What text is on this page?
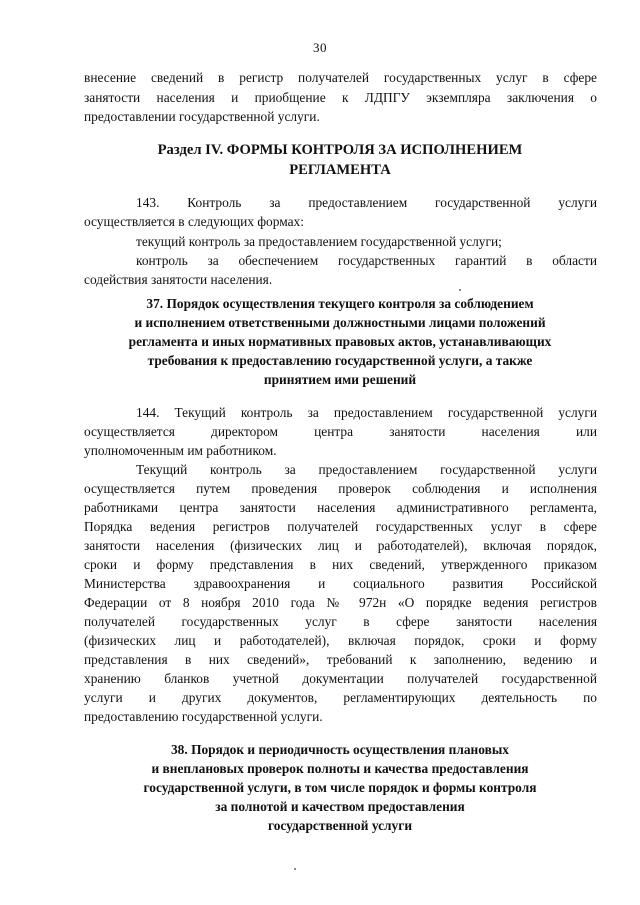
30
внесение сведений в регистр получателей государственных услуг в сфере
занятости населения и приобщение к ЛДПГУ экземпляра заключения о
предоставлении государственной услуги.
Раздел IV. ФОРМЫ КОНТРОЛЯ ЗА ИСПОЛНЕНИЕМ
РЕГЛАМЕНТА
143. Контроль за предоставлением государственной услуги
осуществляется в следующих формах:
текущий контроль за предоставлением государственной услуги;
контроль за обеспечением государственных гарантий в области
содействия занятости населения.
37. Порядок осуществления текущего контроля за соблюдением
и исполнением ответственными должностными лицами положений
регламента и иных нормативных правовых актов, устанавливающих
требования к предоставлению государственной услуги, а также
принятием ими решений
144. Текущий контроль за предоставлением государственной услуги
осуществляется директором центра занятости населения или
уполномоченным им работником.
Текущий контроль за предоставлением государственной услуги
осуществляется путем проведения проверок соблюдения и исполнения
работниками центра занятости населения административного регламента,
Порядка ведения регистров получателей государственных услуг в сфере
занятости населения (физических лиц и работодателей), включая порядок,
сроки и форму представления в них сведений, утвержденного приказом
Министерства здравоохранения и социального развития Российской
Федерации от 8 ноября 2010 года № 972н «О порядке ведения регистров
получателей государственных услуг в сфере занятости населения
(физических лиц и работодателей), включая порядок, сроки и форму
представления в них сведений», требований к заполнению, ведению и
хранению бланков учетной документации получателей государственной
услуги и других документов, регламентирующих деятельность по
предоставлению государственной услуги.
38. Порядок и периодичность осуществления плановых
и внеплановых проверок полноты и качества предоставления
государственной услуги, в том числе порядок и формы контроля
за полнотой и качеством предоставления
государственной услуги
